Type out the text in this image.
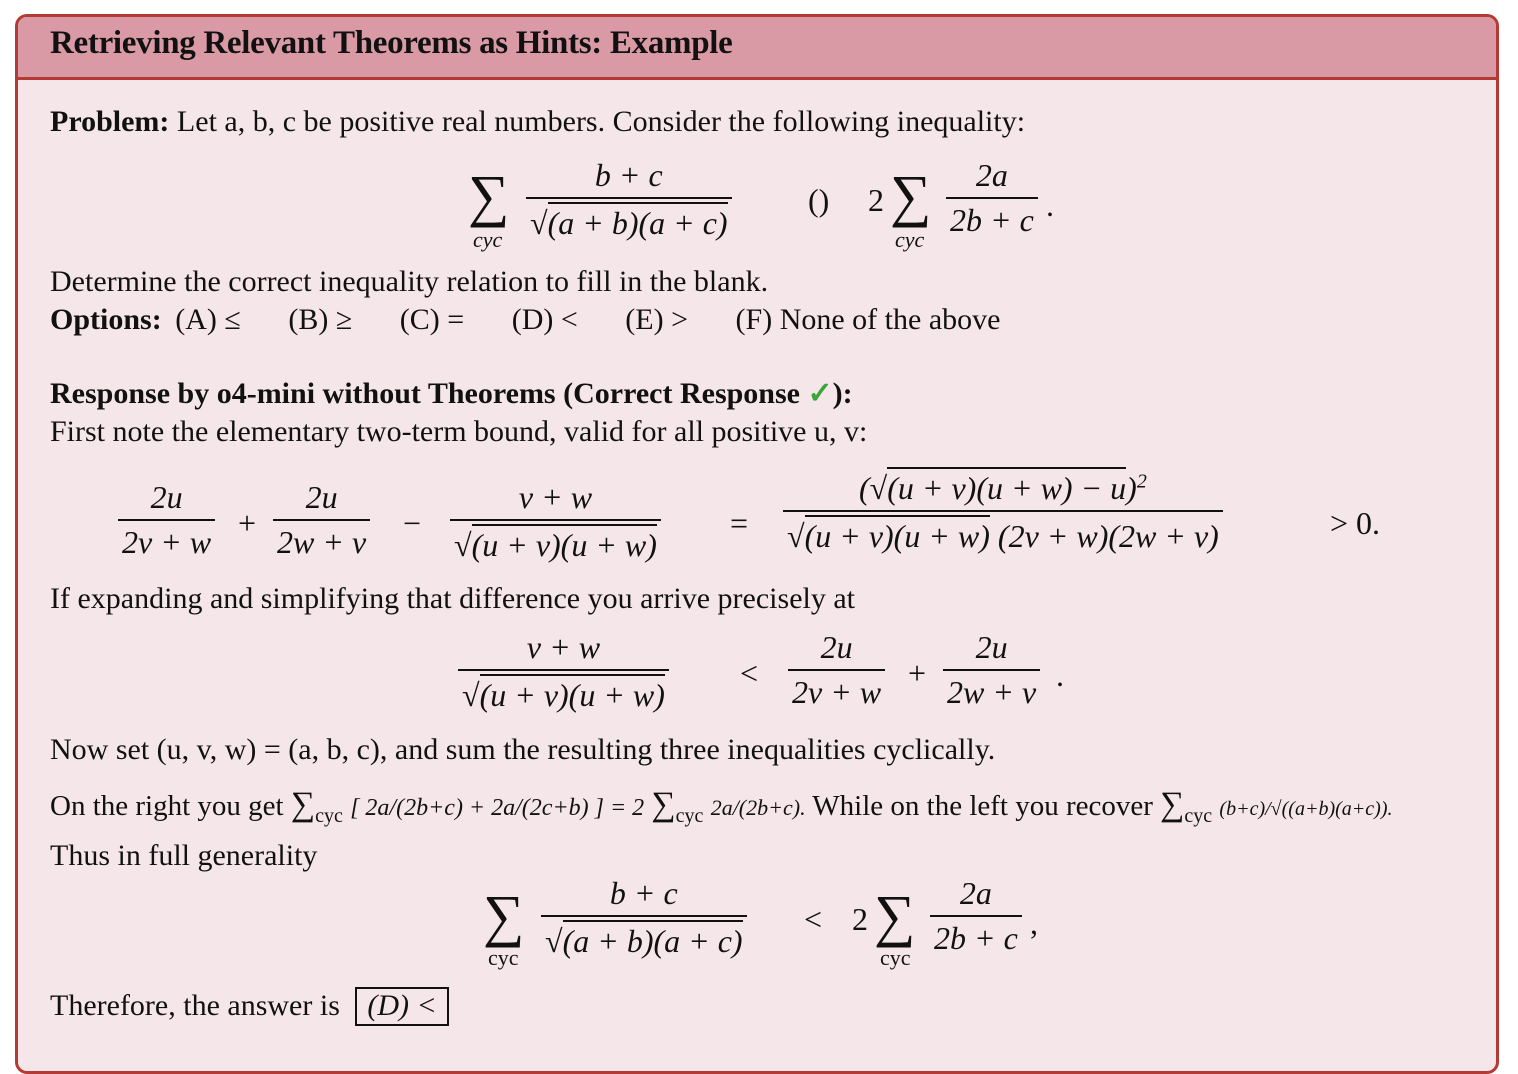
Retrieving Relevant Theorems as Hints: Example
Problem: Let a, b, c be positive real numbers. Consider the following inequality:
∑
cyc
b + c
√(a + b)(a + c)
() 2 ∑
cyc
2a
2b + c .
Determine the correct inequality relation to fill in the blank.
Options: (A) ≤ (B) ≥ (C) = (D) < (E) > (F) None of the above
Response by o4-mini without Theorems (Correct Response ✓):
First note the elementary two-term bound, valid for all positive u, v:
2u
2v + w
+
2u
2w + v
−
v + w
√(u + v)(u + w)
=
$(√(u + v)(u + w) - u)^2$
√(u + v)(u + w) (2v + w)(2w + v)	> 0.
If expanding and simplifying that difference you arrive precisely at
v + w
√(u + v)(u + w)
<
2u
2v + w
+
2u
2w + v .
Now set (u, v, w) = (a, b, c), and sum the resulting three inequalities cyclically.
On the right you get $\sum_{cyc}$ [ 2a/(2b+c) + 2a/(2c+b) ] = 2 $\sum_{cyc}$ 2a/(2b+c). While on the left you recover $\sum_{cyc}$ (b+c)/√((a+b)(a+c)).
Thus in full generality
∑
cyc
b + c
√(a + b)(a + c)
< 2 ∑
cyc
2a
2b + c ,
Therefore, the answer is (D) <
